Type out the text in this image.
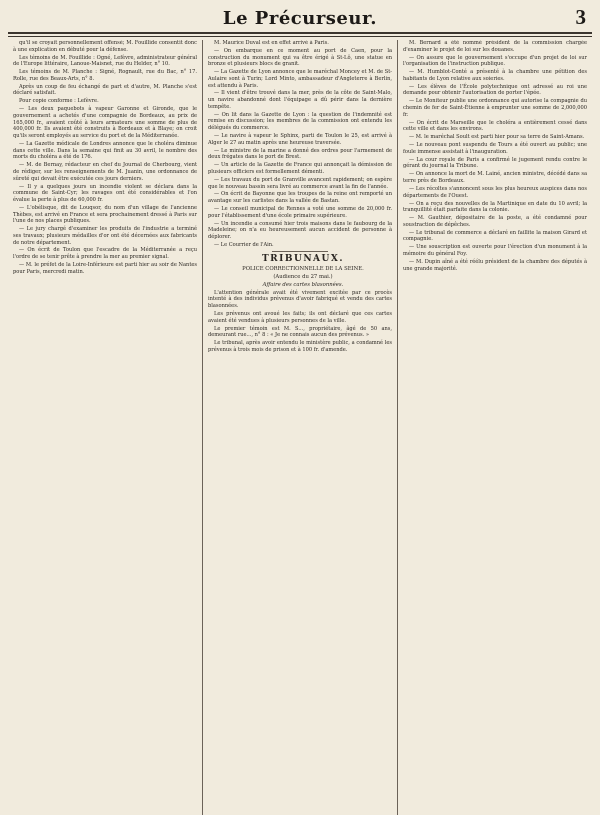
Le Précurseur.	3

qu'il se croyait personnellement offensé; M. Fouillide consentit donc à une explication en débuté pour la défense.

Les témoins de M. Fouillide : Ogné, Lefèvre, administrateur général de l'Europe littéraire, Lanoue-Maisnet, rue du Helder, n° 10.

Les témoins de M. Planche : Signé, Rognault, rue du Bac, n° 17. Rolle, rue des Beaux-Arts, n° 8.

Après un coup de feu échangé de part et d'autre, M. Planche s'est déclaré satisfait.

Pour copie conforme : Lefèvre.

— Les deux paquebots à vapeur Garonne et Gironde, que le gouvernement a achetés d'une compagnie de Bordeaux, au prix de 165,000 fr., avaient coûté à leurs armateurs une somme de plus de 400,000 fr. Ils avaient été construits à Bordeaux et à Blaye; on croit qu'ils seront employés au service du port et de la Méditerranée.

— La Gazette médicale de Londres annonce que le choléra diminue dans cette ville. Dans la semaine qui finit au 30 avril, le nombre des morts du choléra a été de 176.

— M. de Bernay, rédacteur en chef du Journal de Cherbourg, vient de rédiger, sur les renseignements de M. Juanin, une ordonnance de sûreté qui devait être exécutée ces jours derniers.

— Il y a quelques jours un incendie violent se déclara dans la commune de Saint-Cyr; les ravages ont été considérables et l'on évalue la perte à plus de 60,000 fr.

— L'obélisque, dit de Louqsor, du nom d'un village de l'ancienne Thèbes, est arrivé en France et sera prochainement dressé à Paris sur l'une de nos places publiques.

— Le jury chargé d'examiner les produits de l'industrie a terminé ses travaux; plusieurs médailles d'or ont été décernées aux fabricants de notre département.

— On écrit de Toulon que l'escadre de la Méditerranée a reçu l'ordre de se tenir prête à prendre la mer au premier signal.

— M. le préfet de la Loire-Inférieure est parti hier au soir de Nantes pour Paris, mercredi matin.

M. Maurice Duval est en effet arrivé à Paris.

— On embarque en ce moment au port de Caen, pour la construction du monument qui va être érigé à St-Lô, une statue en bronze et plusieurs blocs de granit.

— La Gazette de Lyon annonce que le maréchal Moncey et M. de St-Aulaire sont à Turin; Lord Minto, ambassadeur d'Angleterre à Berlin, est attendu à Paris.

— Il vient d'être trouvé dans la mer, près de la côte de Saint-Malo, un navire abandonné dont l'équipage a dû périr dans la dernière tempête.

— On lit dans la Gazette de Lyon : la question de l'indemnité est remise en discussion; les membres de la commission ont entendu les délégués du commerce.

— Le navire à vapeur le Sphinx, parti de Toulon le 25, est arrivé à Alger le 27 au matin après une heureuse traversée.

— Le ministre de la marine a donné des ordres pour l'armement de deux frégates dans le port de Brest.

— Un article de la Gazette de France qui annonçait la démission de plusieurs officiers est formellement démenti.

— Les travaux du port de Granville avancent rapidement; on espère que le nouveau bassin sera livré au commerce avant la fin de l'année.

— On écrit de Bayonne que les troupes de la reine ont remporté un avantage sur les carlistes dans la vallée de Bastan.

— Le conseil municipal de Rennes a voté une somme de 20,000 fr. pour l'établissement d'une école primaire supérieure.

— Un incendie a consumé hier trois maisons dans le faubourg de la Madeleine; on n'a eu heureusement aucun accident de personne à déplorer.

— Le Courrier de l'Ain.

TRIBUNAUX.

POLICE CORRECTIONNELLE DE LA SEINE.

(Audience du 27 mai.)

Affaire des cartes blasonnées.

L'attention générale avait été vivement excitée par ce procès intenté à des individus prévenus d'avoir fabriqué et vendu des cartes blasonnées.

Les prévenus ont avoué les faits; ils ont déclaré que ces cartes avaient été vendues à plusieurs personnes de la ville.

Le premier témoin est M. S..., propriétaire, âgé de 50 ans, demeurant rue..., n° 8 : « Je ne connais aucun des prévenus. »

Le tribunal, après avoir entendu le ministère public, a condamné les prévenus à trois mois de prison et à 100 fr. d'amende.

M. Bernard a été nommé président de la commission chargée d'examiner le projet de loi sur les douanes.

— On assure que le gouvernement s'occupe d'un projet de loi sur l'organisation de l'instruction publique.

— M. Humblot-Conté a présenté à la chambre une pétition des habitants de Lyon relative aux soieries.

— Les élèves de l'École polytechnique ont adressé au roi une demande pour obtenir l'autorisation de porter l'épée.

— Le Moniteur publie une ordonnance qui autorise la compagnie du chemin de fer de Saint-Étienne à emprunter une somme de 2,000,000 fr.

— On écrit de Marseille que le choléra a entièrement cessé dans cette ville et dans les environs.

— M. le maréchal Soult est parti hier pour sa terre de Saint-Amans.

— Le nouveau pont suspendu de Tours a été ouvert au public; une foule immense assistait à l'inauguration.

— La cour royale de Paris a confirmé le jugement rendu contre le gérant du journal la Tribune.

— On annonce la mort de M. Lainé, ancien ministre, décédé dans sa terre près de Bordeaux.

— Les récoltes s'annoncent sous les plus heureux auspices dans nos départements de l'Ouest.

— On a reçu des nouvelles de la Martinique en date du 10 avril; la tranquillité était parfaite dans la colonie.

— M. Gauthier, dépositaire de la poste, a été condamné pour soustraction de dépêches.

— Le tribunal de commerce a déclaré en faillite la maison Girard et compagnie.

— Une souscription est ouverte pour l'érection d'un monument à la mémoire du général Foy.

— M. Dupin aîné a été réélu président de la chambre des députés à une grande majorité.
